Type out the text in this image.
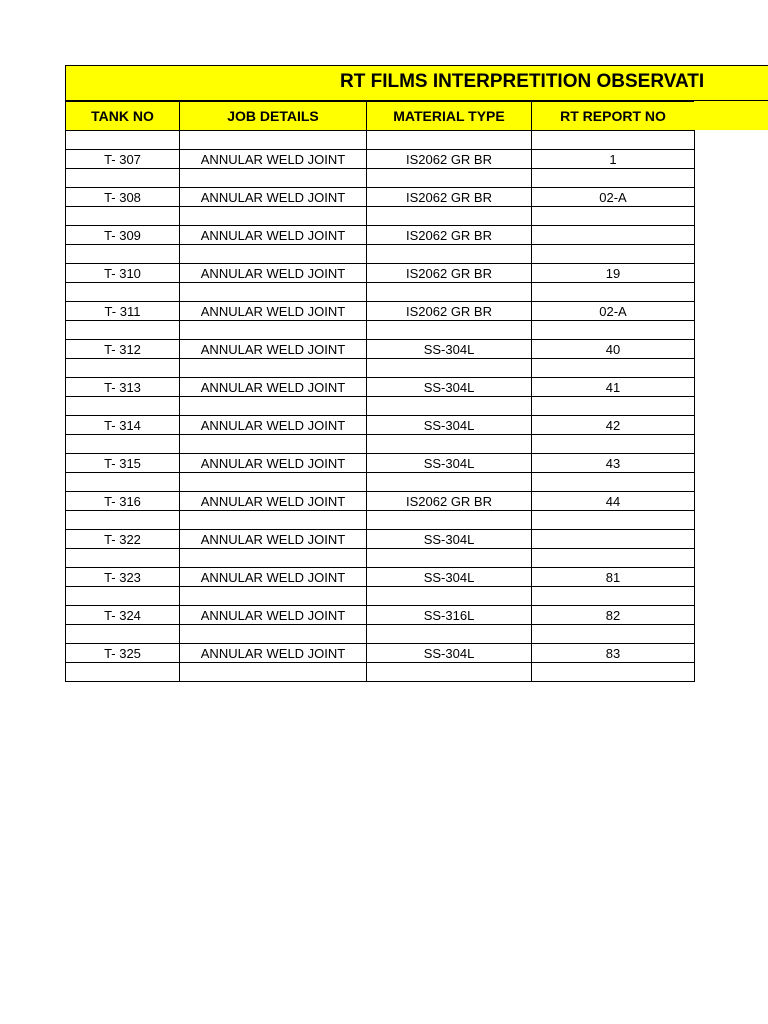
RT FILMS INTERPRETITION OBSERVATI
TANK NO	JOB DETAILS	MATERIAL TYPE	RT REPORT NO

T- 307	ANNULAR WELD JOINT	IS2062 GR BR	1

T- 308	ANNULAR WELD JOINT	IS2062 GR BR	02-A

T- 309	ANNULAR WELD JOINT	IS2062 GR BR	

T- 310	ANNULAR WELD JOINT	IS2062 GR BR	19

T- 311	ANNULAR WELD JOINT	IS2062 GR BR	02-A

T- 312	ANNULAR WELD JOINT	SS-304L	40

T- 313	ANNULAR WELD JOINT	SS-304L	41

T- 314	ANNULAR WELD JOINT	SS-304L	42

T- 315	ANNULAR WELD JOINT	SS-304L	43

T- 316	ANNULAR WELD JOINT	IS2062 GR BR	44

T- 322	ANNULAR WELD JOINT	SS-304L	

T- 323	ANNULAR WELD JOINT	SS-304L	81

T- 324	ANNULAR WELD JOINT	SS-316L	82

T- 325	ANNULAR WELD JOINT	SS-304L	83
